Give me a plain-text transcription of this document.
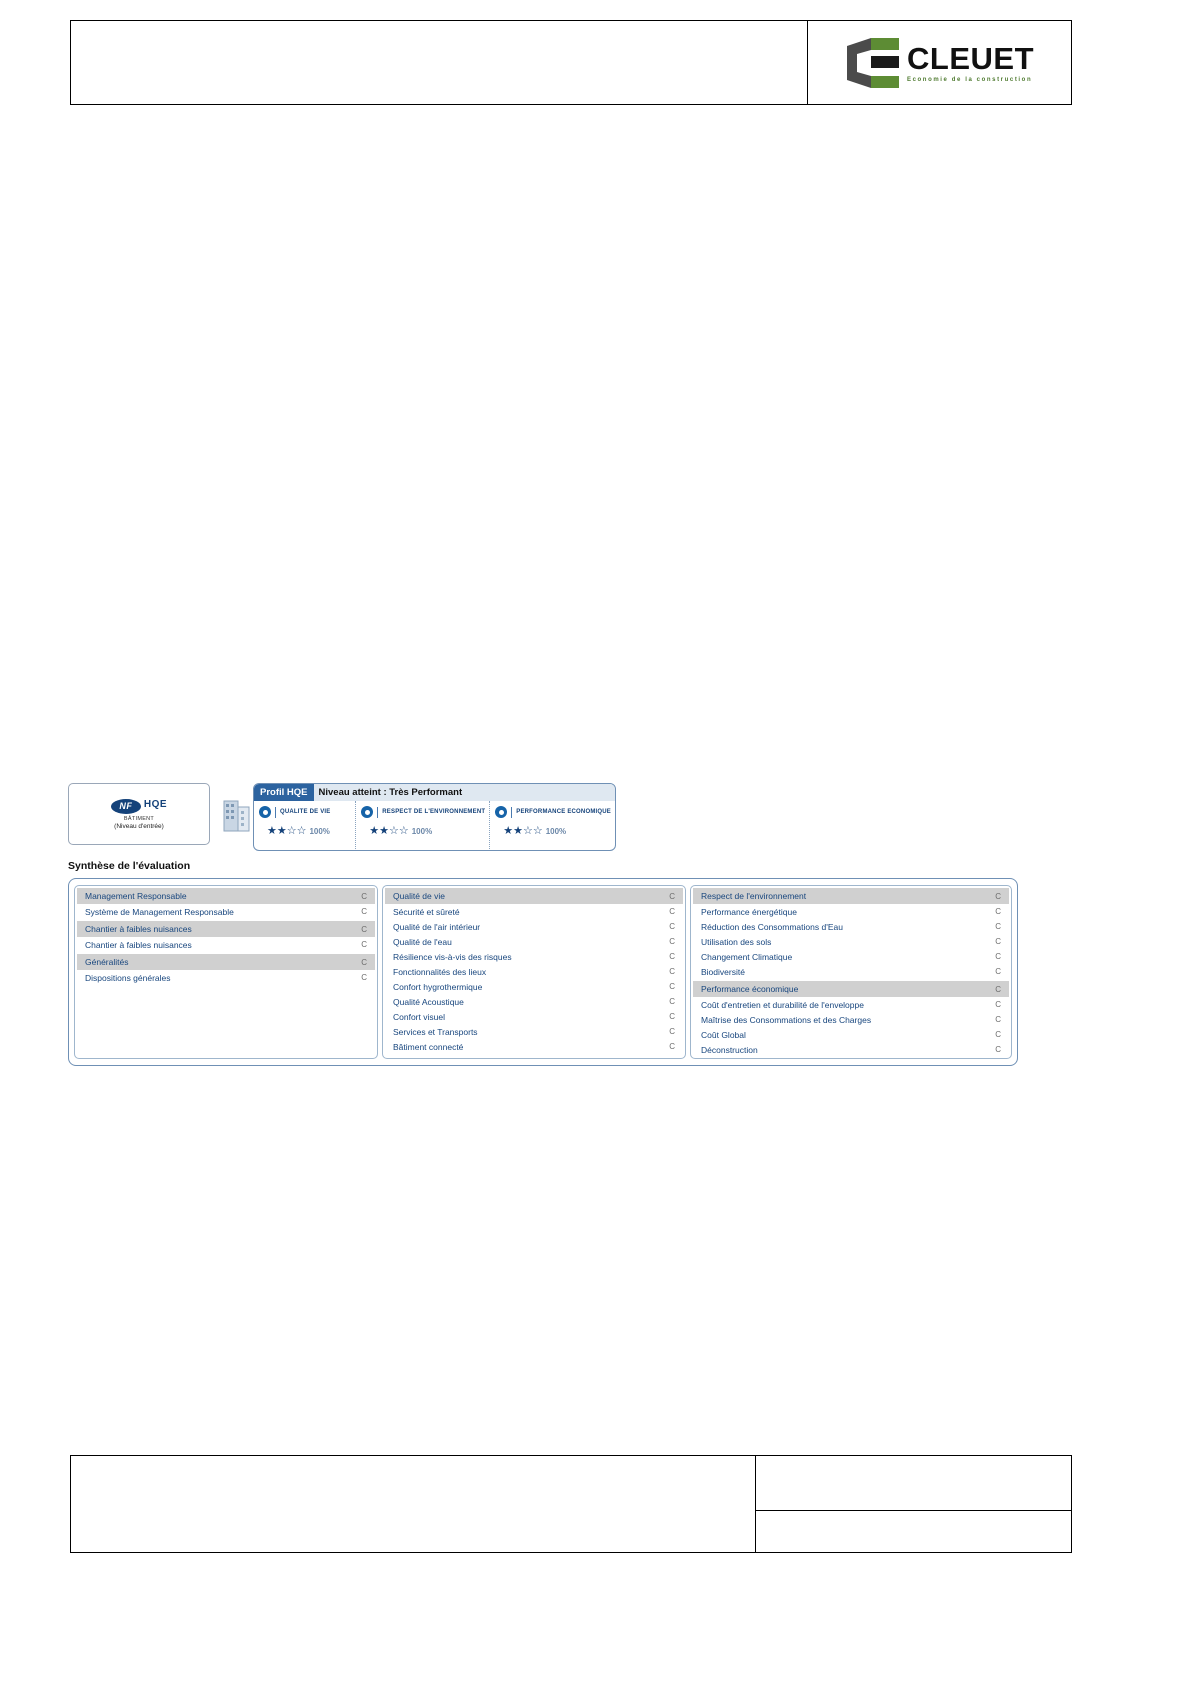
CLEUET
Economie de la construction
NF	HQE
BÂTIMENT
(Niveau d'entrée)
Profil HQE	Niveau atteint : Très Performant
QUALITE DE VIE
★★☆☆ 100%
RESPECT DE L'ENVIRONNEMENT
★★☆☆ 100%
PERFORMANCE ECONOMIQUE
★★☆☆ 100%
Synthèse de l'évaluation
Management Responsable	C
Système de Management Responsable	C
Chantier à faibles nuisances	C
Chantier à faibles nuisances	C
Généralités	C
Dispositions générales	C
Qualité de vie	C
Sécurité et sûreté	C
Qualité de l'air intérieur	C
Qualité de l'eau	C
Résilience vis-à-vis des risques	C
Fonctionnalités des lieux	C
Confort hygrothermique	C
Qualité Acoustique	C
Confort visuel	C
Services et Transports	C
Bâtiment connecté	C
Respect de l'environnement	C
Performance énergétique	C
Réduction des Consommations d'Eau	C
Utilisation des sols	C
Changement Climatique	C
Biodiversité	C
Performance économique	C
Coût d'entretien et durabilité de l'enveloppe	C
Maîtrise des Consommations et des Charges	C
Coût Global	C
Déconstruction	C
